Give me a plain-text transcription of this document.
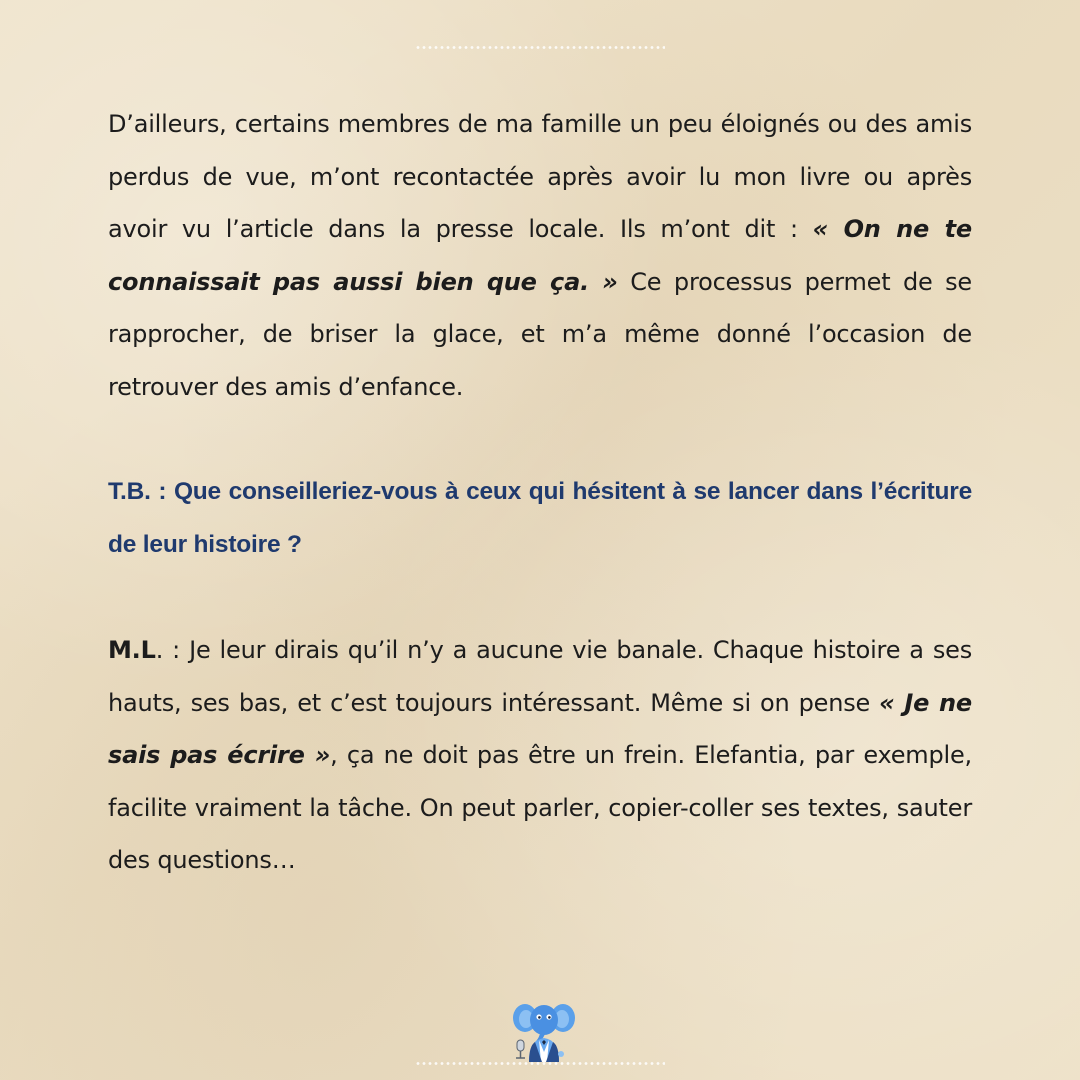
D’ailleurs, certains membres de ma famille un peu éloignés ou des amis perdus de vue, m’ont recontactée après avoir lu mon livre ou après avoir vu l’article dans la presse locale. Ils m’ont dit : « On ne te connaissait pas aussi bien que ça. » Ce processus permet de se rapprocher, de briser la glace, et m’a même donné l’occasion de retrouver des amis d’enfance.

T.B. : Que conseilleriez-vous à ceux qui hésitent à se lancer dans l’écriture de leur histoire ?

M.L. : Je leur dirais qu’il n’y a aucune vie banale. Chaque histoire a ses hauts, ses bas, et c’est toujours intéressant. Même si on pense « Je ne sais pas écrire », ça ne doit pas être un frein. Elefantia, par exemple, facilite vraiment la tâche. On peut parler, copier-coller ses textes, sauter des questions…
